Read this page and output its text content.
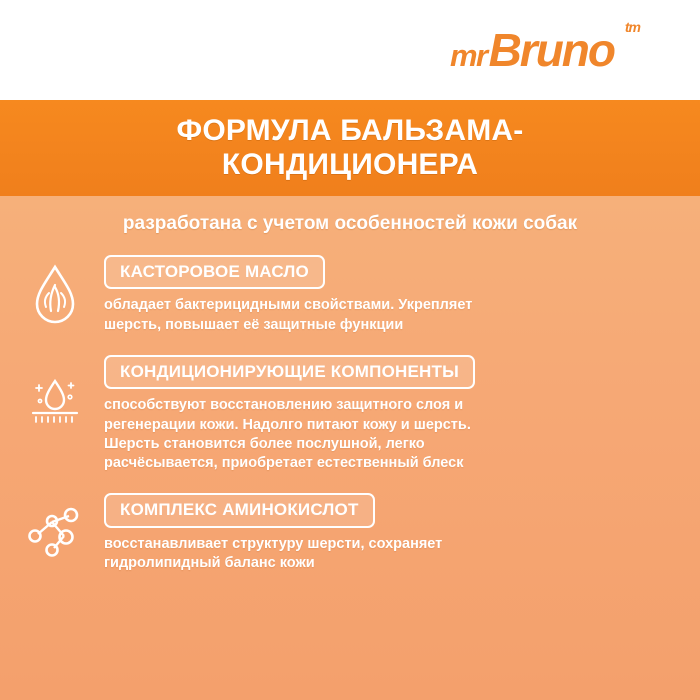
mr Bruno tm
ФОРМУЛА БАЛЬЗАМА-
КОНДИЦИОНЕРА
разработана с учетом особенностей кожи собак
КАСТОРОВОЕ МАСЛО
обладает бактерицидными свойствами. Укрепляет шерсть, повышает её защитные функции
КОНДИЦИОНИРУЮЩИЕ КОМПОНЕНТЫ
способствуют восстановлению защитного слоя и регенерации кожи. Надолго питают кожу и шерсть. Шерсть становится более послушной, легко расчёсывается, приобретает естественный блеск
КОМПЛЕКС АМИНОКИСЛОТ
восстанавливает структуру шерсти, сохраняет гидролипидный баланс кожи
